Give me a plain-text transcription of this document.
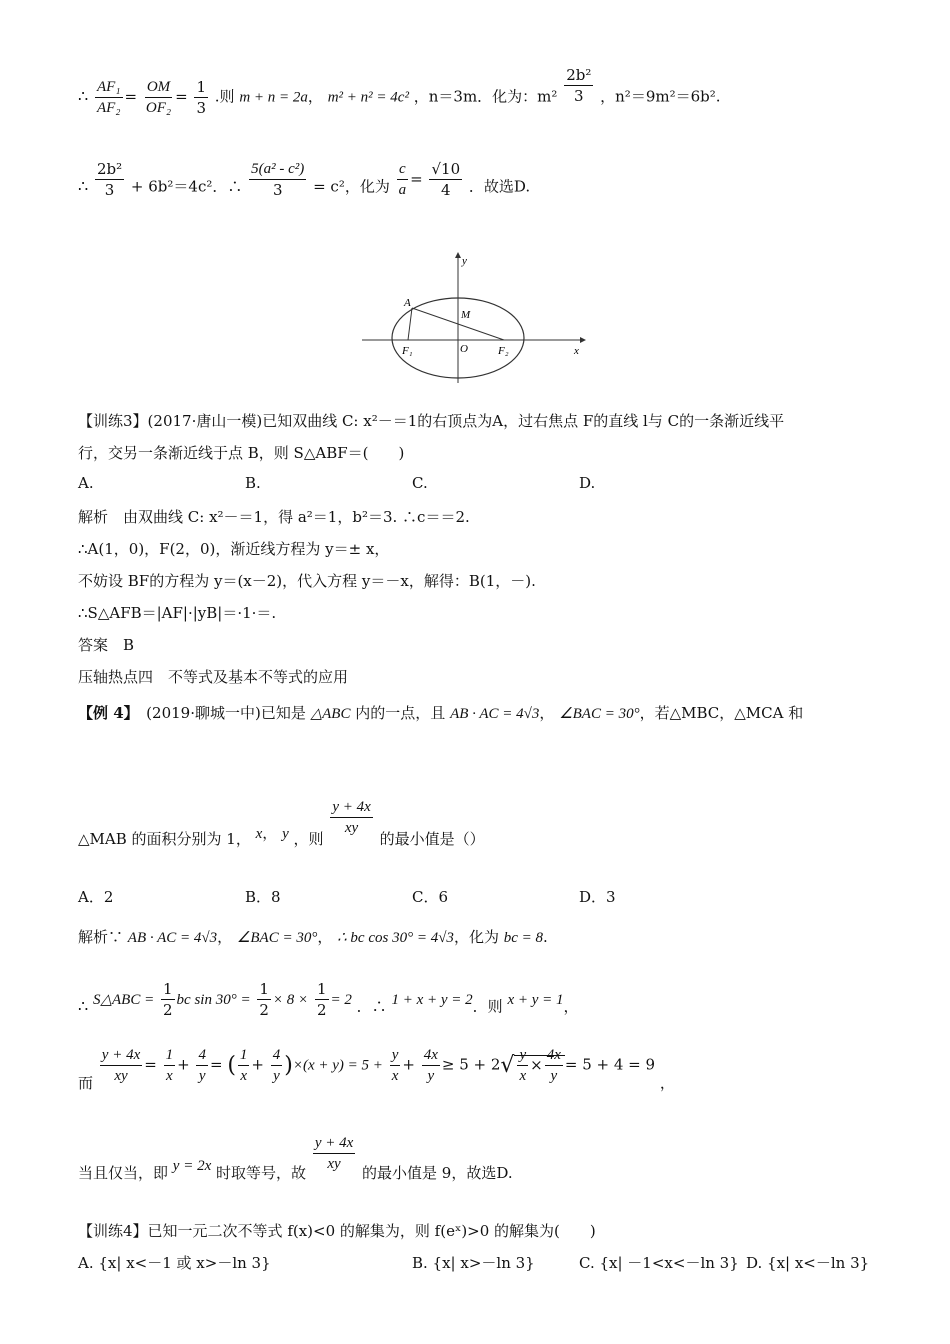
∴ $\frac{\text{AF₁}}{\text{AF₂}} = \frac{OM}{\text{OF₂}} = \frac{1}{3}$ .则 m + n = 2a， m² + n² = 4c² ，n＝3m．化为：$m^2 \frac{\text{2b²}}{3}$ ，n²＝9m²＝6b².
∴ $\frac{\text{2b²}}{3} + 6b^2=4c^2$．∴ $\frac{\text{5(a² - c²)}}{3} = c^2$，化为 $\frac{c}{a} = \frac{√10}{4}$ ．故选D.
y
x
A
M
O
F₁	F₂
【训练3】(2017·唐山一模)已知双曲线 C: x²－＝1的右顶点为A，过右焦点 F的直线 l与 C的一条渐近线平
行，交另一条渐近线于点 B，则 S△ABF＝(　　)
A.	B.	C.	D.
解析　由双曲线 C: x²－＝1，得 a²＝1，b²＝3. ∴c＝＝2.
∴A(1，0)，F(2，0)，渐近线方程为 y＝± x，
不妨设 BF的方程为 y＝(x－2)，代入方程 y＝－x，解得：B(1，－).
∴S△AFB＝|AF|·|yB|＝·1·＝.
答案　B
压轴热点四　不等式及基本不等式的应用
【例 4】　(2019·聊城一中)已知是 △ABC 内的一点，且 AB · AC = 4√3， ∠BAC = 30°，若△MBC，△MCA 和
△MAB 的面积分别为 1， x， y ，则
$\frac{y + 4x}{xy}$
的最小值是（）
A．2	B．8	C．6	D．3
解析∵ AB · AC = 4√3， ∠BAC = 30°， ∴ bc cos 30° = 4√3，化为 bc = 8.
∴ S△ABC = $\frac{1}{2}$ bc $\sin 30^\circ = \frac{1}{2} \times 8 \times \frac{1}{2} = 2$ ．∴ 1 + x + y = 2．则 x + y = 1，
而 $\frac{y + 4x}{xy} = \frac{1}{x} + \frac{4}{y}$ = ( $\frac{1}{x} + \frac{4}{y} )\times(x + y) = 5 + \frac{y}{x} + \frac{4x}{y} \ge 5 + 2√ \frac{y}{x} \times \frac{4x}{y} = 5 + 4 = 9$ ，
当且仅当，即 y = 2x 时取等号，故 $\frac{y + 4x}{xy}$ 的最小值是 9，故选D.
【训练4】已知一元二次不等式 f(x)<0 的解集为，则 f(eˣ)>0 的解集为(　　)
A. {x| x<－1 或 x>－ln 3}	B. {x| x>－ln 3}	C. {x| －1<x<－ln 3} D. {x| x<－ln 3}
